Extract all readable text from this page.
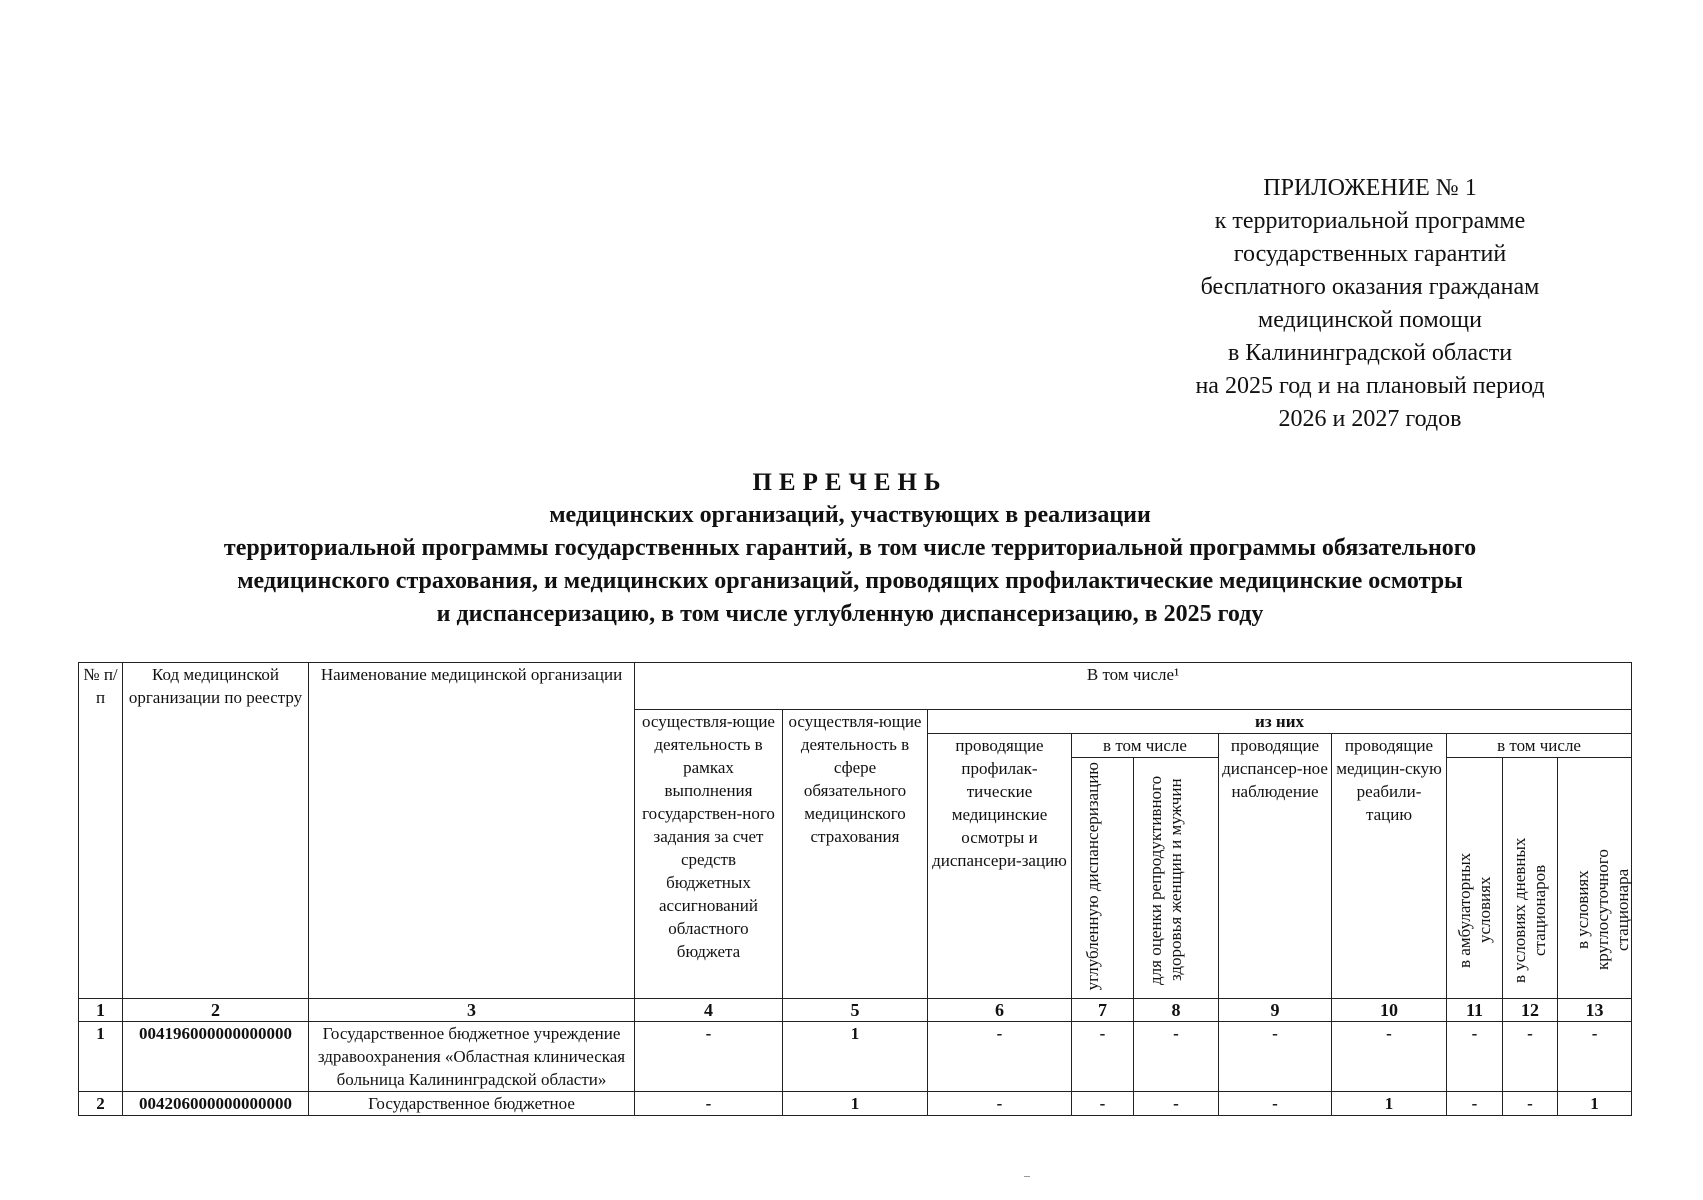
ПРИЛОЖЕНИЕ № 1
к территориальной программе
государственных гарантий
бесплатного оказания гражданам
медицинской помощи
в Калининградской области
на 2025 год и на плановый период
2026 и 2027 годов
ПЕРЕЧЕНЬ
медицинских организаций, участвующих в реализации
территориальной программы государственных гарантий, в том числе территориальной программы обязательного
медицинского страхования, и медицинских организаций, проводящих профилактические медицинские осмотры
и диспансеризацию, в том числе углубленную диспансеризацию, в 2025 году
№ п/п	Код медицинской организации по реестру	Наименование медицинской организации	В том числе¹									
			осуществля-ющие деятельность в рамках выполнения государствен-ного задания за счет средств бюджетных ассигнований областного бюджета	осуществля-ющие деятельность в сфере обязательного медицинского страхования	из них							
					проводящие профилак-тические медицинские осмотры и диспансери-зацию	в том числе		проводящие диспансер-ное наблюдение	проводящие медицин-скую реабили-тацию	в том числе		
						углубленную диспансеризацию	для оценки репродуктивного здоровья женщин и мужчин			в амбулаторных условиях	в условиях дневных стационаров	в условиях круглосуточного стационара
1	2	3	4	5	6	7	8	9	10	11	12	13
1	004196000000000000	Государственное бюджетное учреждение здравоохранения «Областная клиническая больница Калининградской области»	-	1	-	-	-	-	-	-	-	-
2	004206000000000000	Государственное бюджетное	-	1	-	-	-	-	1	-	-	1
